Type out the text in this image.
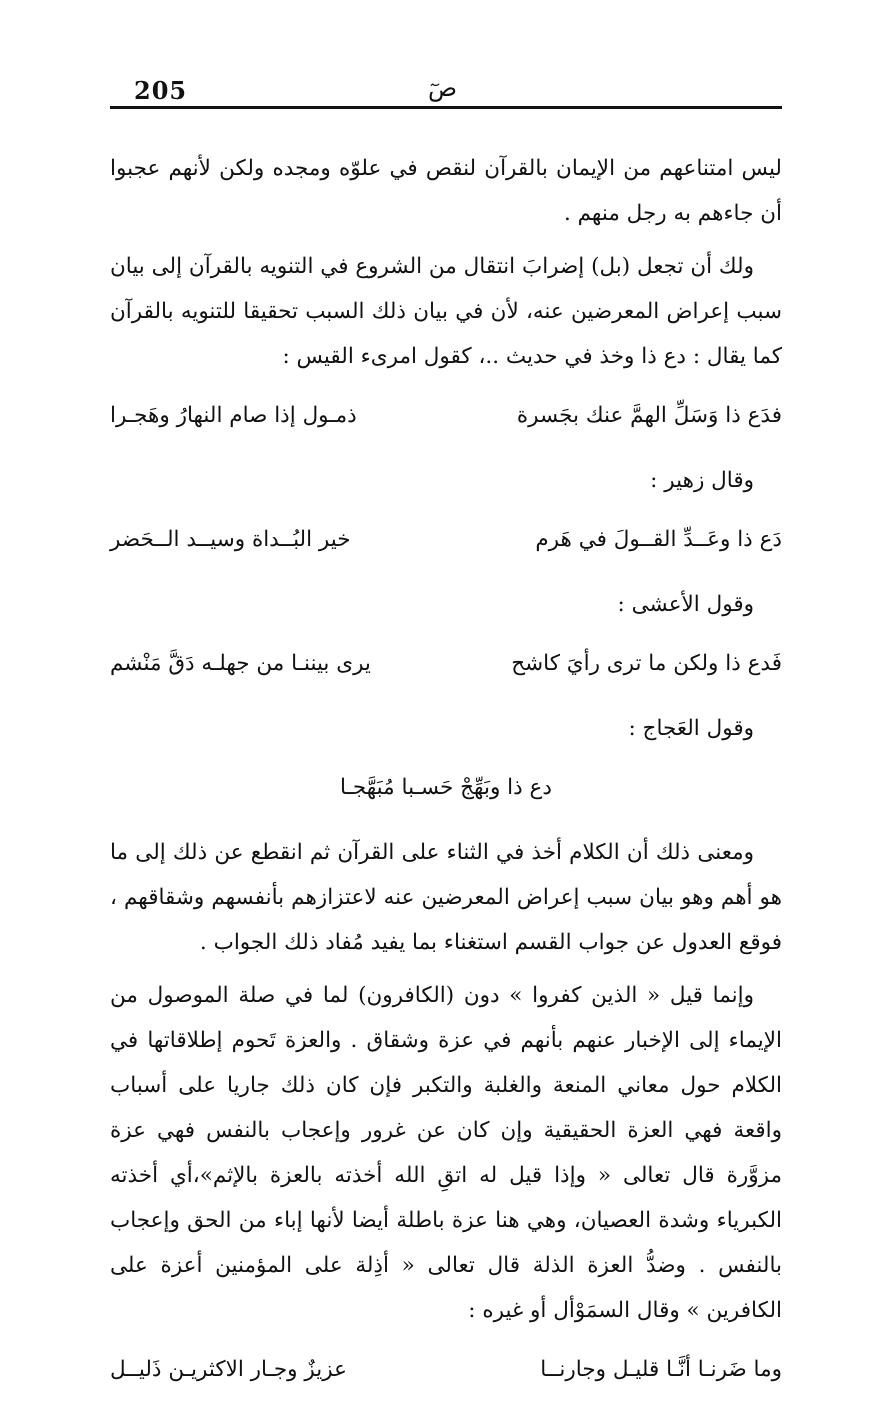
205	صٓ

ليس امتناعهم من الإيمان بالقرآن لنقص في علوّه ومجده ولكن لأنهم عجبوا أن جاءهم به رجل منهم .

ولك أن تجعل (بل) إضرابَ انتقال من الشروع في التنويه بالقرآن إلى بيان سبب إعراض المعرضين عنه، لأن في بيان ذلك السبب تحقيقا للتنويه بالقرآن كما يقال : دع ذا وخذ في حديث ..، كقول امرىء القيس :

فدَع ذا وَسَلِّ الهمَّ عنك بجَسرة
ذمـول إذا صام النهارُ وهَجـرا

وقال زهير :

دَع ذا وعَــدِّ القــولَ في هَرم
خير البُــداة وسيــد الــحَضر

وقول الأعشى :

فَدع ذا ولكن ما ترى رأيَ كاشح
يرى بيننـا من جهلـه دَقَّ مَنْشم

وقول العَجاج :

دع ذا وبَهِّجْ حَسـبا مُبَهَّجـا

ومعنى ذلك أن الكلام أخذ في الثناء على القرآن ثم انقطع عن ذلك إلى ما هو أهم وهو بيان سبب إعراض المعرضين عنه لاعتزازهم بأنفسهم وشقاقهم ، فوقع العدول عن جواب القسم استغناء بما يفيد مُفاد ذلك الجواب .

وإنما قيل « الذين كفروا » دون (الكافرون) لما في صلة الموصول من الإيماء إلى الإخبار عنهم بأنهم في عزة وشقاق . والعزة تَحوم إطلاقاتها في الكلام حول معاني المنعة والغلبة والتكبر فإن كان ذلك جاريا على أسباب واقعة فهي العزة الحقيقية وإن كان عن غرور وإعجاب بالنفس فهي عزة مزوَّرة قال تعالى « وإذا قيل له اتقِ الله أخذته بالعزة بالإثم»،أي أخذته الكبرياء وشدة العصيان، وهي هنا عزة باطلة أيضا لأنها إباء من الحق وإعجاب بالنفس . وضدُّ العزة الذلة قال تعالى « أذِلة على المؤمنين أعزة على الكافرين » وقال السمَوْأل أو غيره :

وما ضَرنـا أنَّـا قليـل وجارنــا
عزيزٌ وجـار الاكثريـن ذَليــل
